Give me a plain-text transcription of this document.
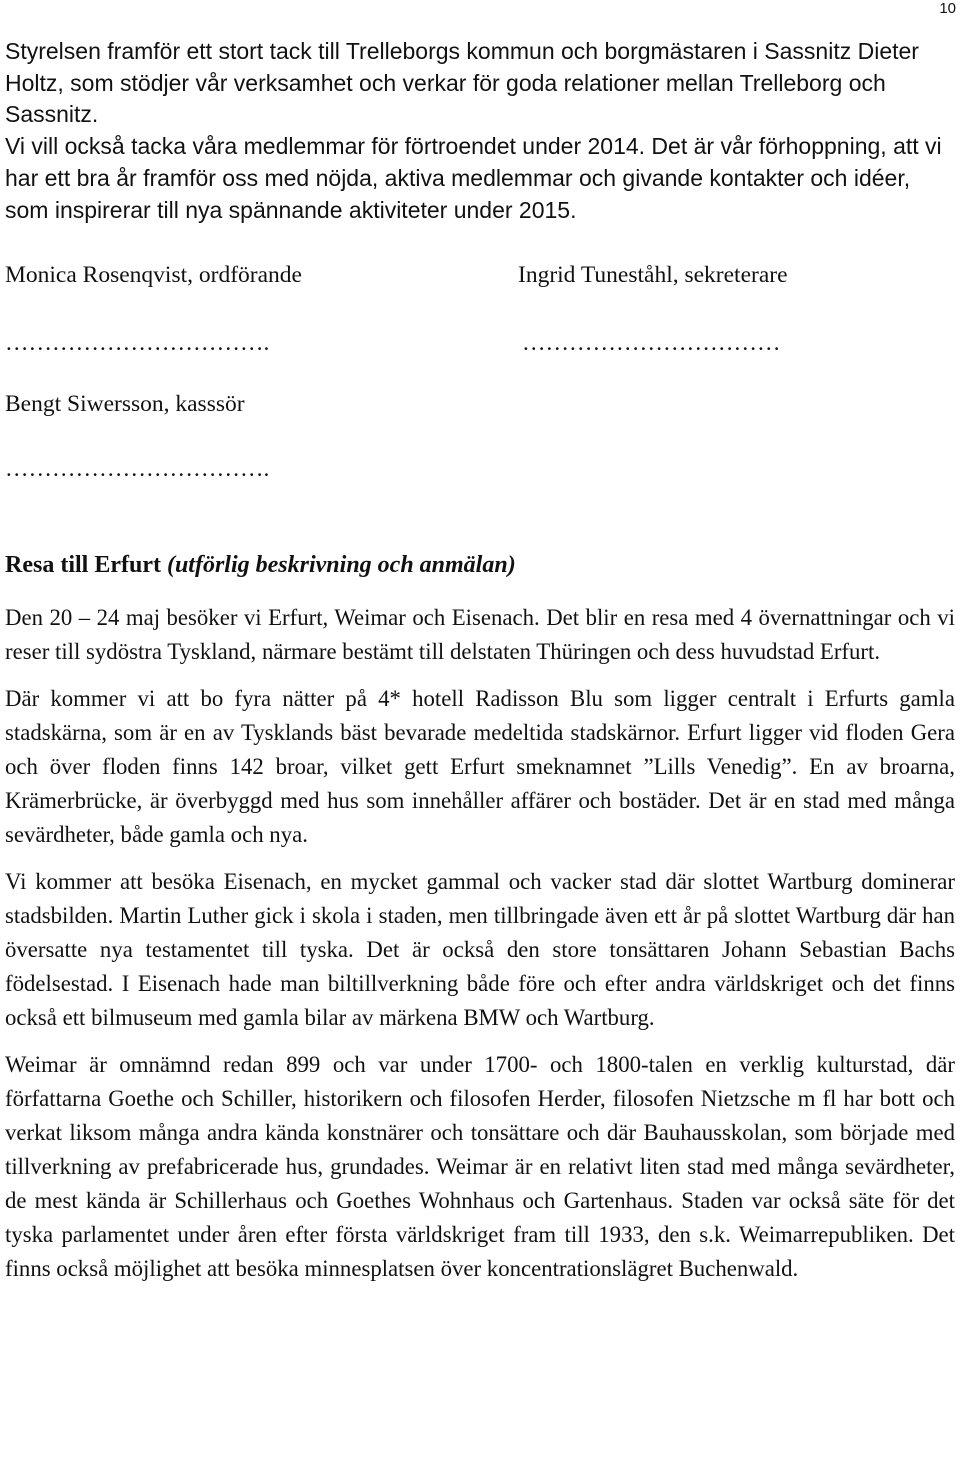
10

Styrelsen framför ett stort tack till Trelleborgs kommun och borgmästaren i Sassnitz Dieter Holtz, som stödjer vår verksamhet och verkar för goda relationer mellan Trelleborg och Sassnitz.

Vi vill också tacka våra medlemmar för förtroendet under 2014. Det är vår förhoppning, att vi har ett bra år framför oss med nöjda, aktiva medlemmar och givande kontakter och idéer, som inspirerar till nya spännande aktiviteter under 2015.

Monica Rosenqvist, ordförande	Ingrid Tuneståhl, sekreterare
…………………………….	……………………………
Bengt Siwersson, kasssör
…………………………….
Resa till Erfurt (utförlig beskrivning och anmälan)

Den 20 – 24 maj besöker vi Erfurt, Weimar och Eisenach. Det blir en resa med 4 övernattningar och vi reser till sydöstra Tyskland, närmare bestämt till delstaten Thüringen och dess huvudstad Erfurt.

Där kommer vi att bo fyra nätter på 4* hotell Radisson Blu som ligger centralt i Erfurts gamla stadskärna, som är en av Tysklands bäst bevarade medeltida stadskärnor. Erfurt ligger vid floden Gera och över floden finns 142 broar, vilket gett Erfurt smeknamnet ”Lills Venedig”. En av broarna, Krämerbrücke, är överbyggd med hus som innehåller affärer och bostäder. Det är en stad med många sevärdheter, både gamla och nya.

Vi kommer att besöka Eisenach, en mycket gammal och vacker stad där slottet Wartburg dominerar stadsbilden. Martin Luther gick i skola i staden, men tillbringade även ett år på slottet Wartburg där han översatte nya testamentet till tyska. Det är också den store tonsättaren Johann Sebastian Bachs födelsestad. I Eisenach hade man biltillverkning både före och efter andra världskriget och det finns också ett bilmuseum med gamla bilar av märkena BMW och Wartburg.

Weimar är omnämnd redan 899 och var under 1700- och 1800-talen en verklig kulturstad, där författarna Goethe och Schiller, historikern och filosofen Herder, filosofen Nietzsche m fl har bott och verkat liksom många andra kända konstnärer och tonsättare och där Bauhausskolan, som började med tillverkning av prefabricerade hus, grundades. Weimar är en relativt liten stad med många sevärdheter, de mest kända är Schillerhaus och Goethes Wohnhaus och Gartenhaus. Staden var också säte för det tyska parlamentet under åren efter första världskriget fram till 1933, den s.k. Weimarrepubliken. Det finns också möjlighet att besöka minnesplatsen över koncentrationslägret Buchenwald.
